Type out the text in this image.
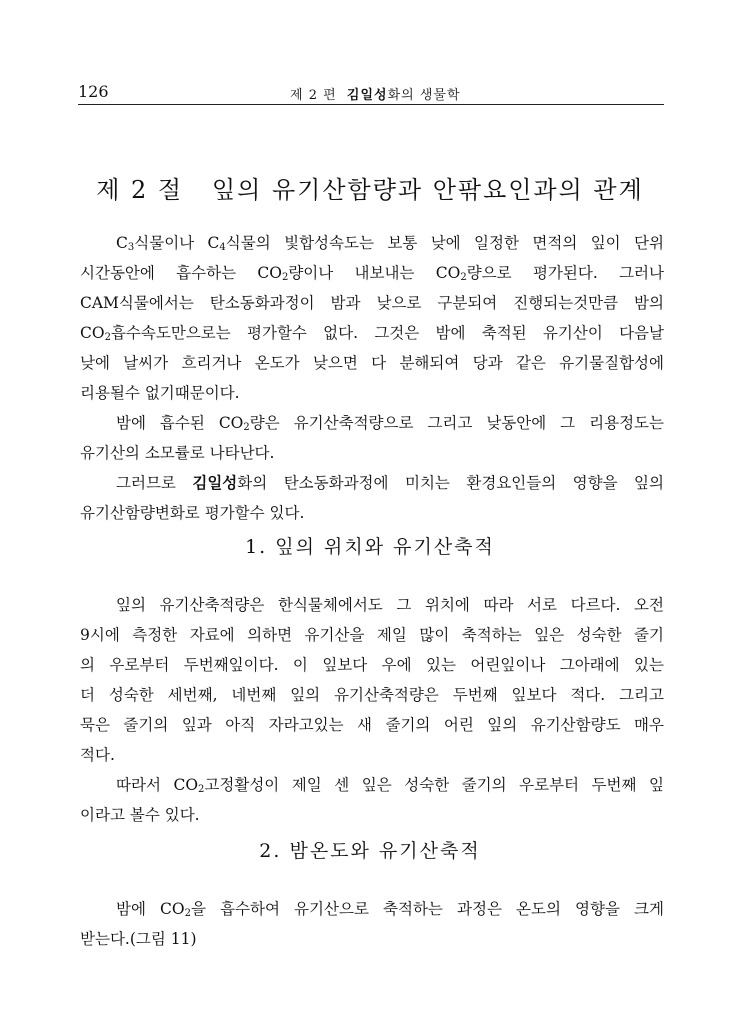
126	제 2 편 김일성화의 생물학
제 2 절   잎의 유기산함량과 안팎요인과의 관계
$C_3$식물이나 $C_4$식물의 빛합성속도는 보통 낮에 일정한 면적의 잎이 단위
시간동안에 흡수하는 $CO_2$량이나 내보내는 $CO_2$량으로 평가된다. 그러나
CAM식물에서는 탄소동화과정이 밤과 낮으로 구분되여 진행되는것만큼 밤의
$CO_2$흡수속도만으로는 평가할수 없다. 그것은 밤에 축적된 유기산이 다음날
낮에 날씨가 흐리거나 온도가 낮으면 다 분해되여 당과 같은 유기물질합성에
리용될수 없기때문이다.
밤에 흡수된 $CO_2$량은 유기산축적량으로 그리고 낮동안에 그 리용정도는
유기산의 소모률로 나타난다.
그러므로 김일성화의 탄소동화과정에 미치는 환경요인들의 영향을 잎의
유기산함량변화로 평가할수 있다.
1. 잎의 위치와 유기산축적
잎의 유기산축적량은 한식물체에서도 그 위치에 따라 서로 다르다. 오전
9시에 측정한 자료에 의하면 유기산을 제일 많이 축적하는 잎은 성숙한 줄기
의 우로부터 두번째잎이다. 이 잎보다 우에 있는 어린잎이나 그아래에 있는
더 성숙한 세번째, 네번째 잎의 유기산축적량은 두번째 잎보다 적다. 그리고
묵은 줄기의 잎과 아직 자라고있는 새 줄기의 어린 잎의 유기산함량도 매우
적다.
따라서 $CO_2$고정활성이 제일 센 잎은 성숙한 줄기의 우로부터 두번째 잎
이라고 볼수 있다.
2. 밤온도와 유기산축적
밤에 $CO_2$을 흡수하여 유기산으로 축적하는 과정은 온도의 영향을 크게
받는다.(그림 11)
